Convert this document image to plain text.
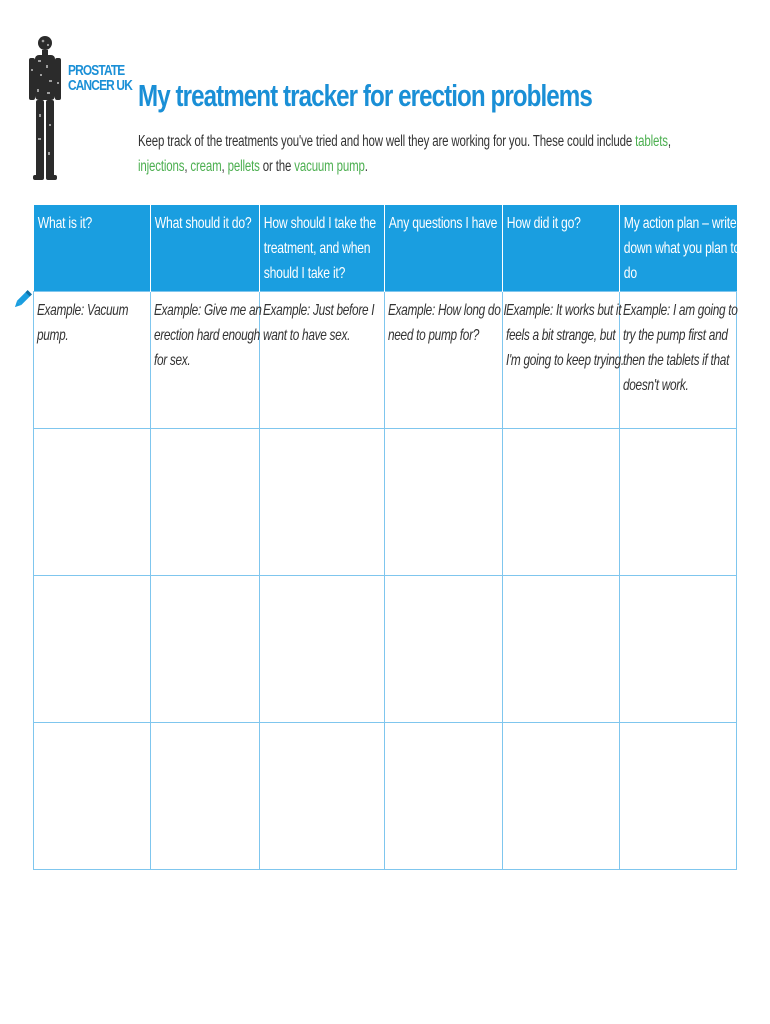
PROSTATE
CANCER UK My treatment tracker for erection problems
Keep track of the treatments you've tried and how well they are working for you. These could include tablets, injections, cream, pellets or the vacuum pump.
What is it?	What should it do?	How should I take the treatment, and when should I take it?	Any questions I have	How did it go?	My action plan – write down what you plan to do

Example: Vacuum pump.	Example: Give me an erection hard enough for sex.	Example: Just before I want to have sex.	Example: How long do I need to pump for?	Example: It works but it feels a bit strange, but I'm going to keep trying.	Example: I am going to try the pump first and then the tablets if that doesn't work.
